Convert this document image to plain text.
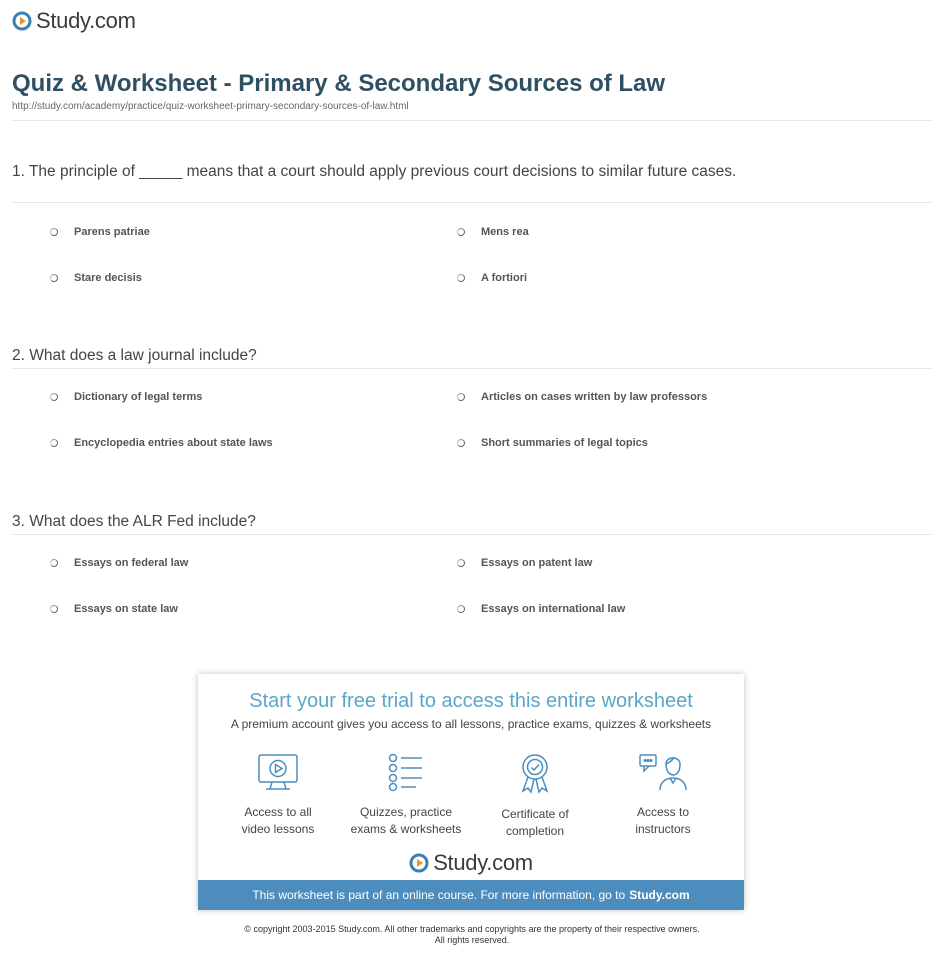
Study.com
Quiz & Worksheet - Primary & Secondary Sources of Law
http://study.com/academy/practice/quiz-worksheet-primary-secondary-sources-of-law.html
1. The principle of _____ means that a court should apply previous court decisions to similar future cases.
Parens patriae	Mens rea
Stare decisis	A fortiori
2. What does a law journal include?
Dictionary of legal terms	Articles on cases written by law professors
Encyclopedia entries about state laws	Short summaries of legal topics
3. What does the ALR Fed include?
Essays on federal law	Essays on patent law
Essays on state law	Essays on international law
Start your free trial to access this entire worksheet
A premium account gives you access to all lessons, practice exams, quizzes & worksheets
Access to all
video lessons
Quizzes, practice
exams & worksheets
Certificate of
completion
Access to
instructors
Study.com
This worksheet is part of an online course. For more information, go to Study.com
© copyright 2003-2015 Study.com. All other trademarks and copyrights are the property of their respective owners.
All rights reserved.
